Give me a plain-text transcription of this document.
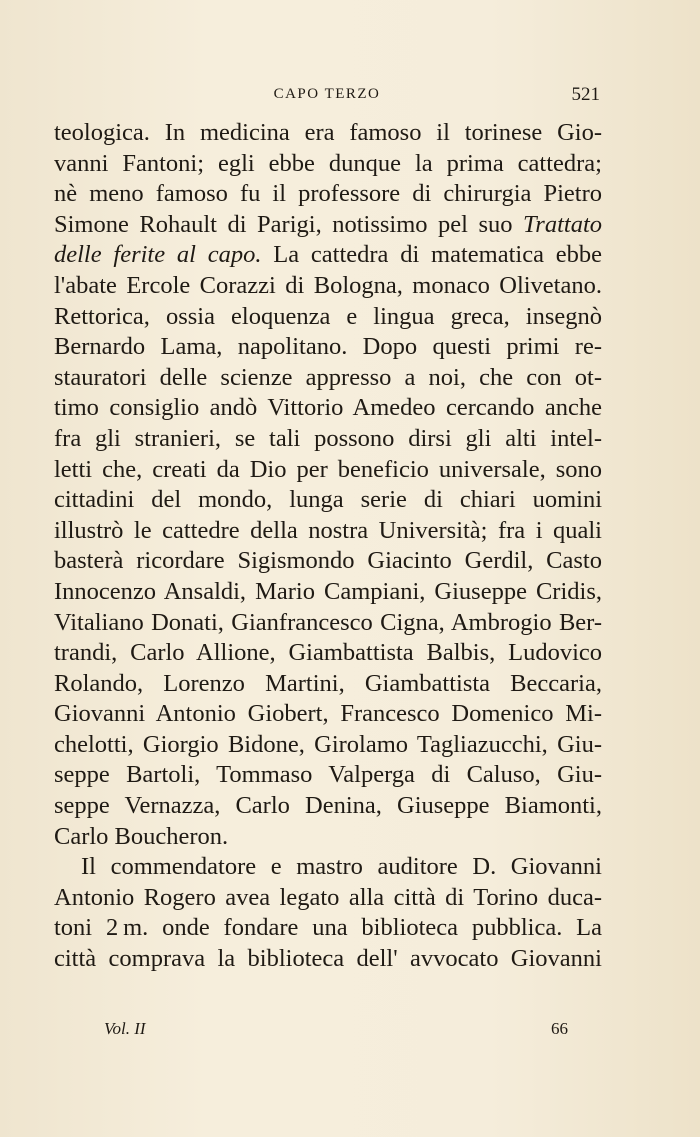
CAPO TERZO	521
teologica. In medicina era famoso il torinese Gio-
vanni Fantoni; egli ebbe dunque la prima cattedra;
nè meno famoso fu il professore di chirurgia Pietro
Simone Rohault di Parigi, notissimo pel suo Trattato
delle ferite al capo. La cattedra di matematica ebbe
l'abate Ercole Corazzi di Bologna, monaco Olivetano.
Rettorica, ossia eloquenza e lingua greca, insegnò
Bernardo Lama, napolitano. Dopo questi primi re-
stauratori delle scienze appresso a noi, che con ot-
timo consiglio andò Vittorio Amedeo cercando anche
fra gli stranieri, se tali possono dirsi gli alti intel-
letti che, creati da Dio per beneficio universale, sono
cittadini del mondo, lunga serie di chiari uomini
illustrò le cattedre della nostra Università; fra i quali
basterà ricordare Sigismondo Giacinto Gerdil, Casto
Innocenzo Ansaldi, Mario Campiani, Giuseppe Cridis,
Vitaliano Donati, Gianfrancesco Cigna, Ambrogio Ber-
trandi, Carlo Allione, Giambattista Balbis, Ludovico
Rolando, Lorenzo Martini, Giambattista Beccaria,
Giovanni Antonio Giobert, Francesco Domenico Mi-
chelotti, Giorgio Bidone, Girolamo Tagliazucchi, Giu-
seppe Bartoli, Tommaso Valperga di Caluso, Giu-
seppe Vernazza, Carlo Denina, Giuseppe Biamonti,
Carlo Boucheron.
Il commendatore e mastro auditore D. Giovanni
Antonio Rogero avea legato alla città di Torino duca-
toni 2 m. onde fondare una biblioteca pubblica. La
città comprava la biblioteca dell' avvocato Giovanni
Vol. II	66
